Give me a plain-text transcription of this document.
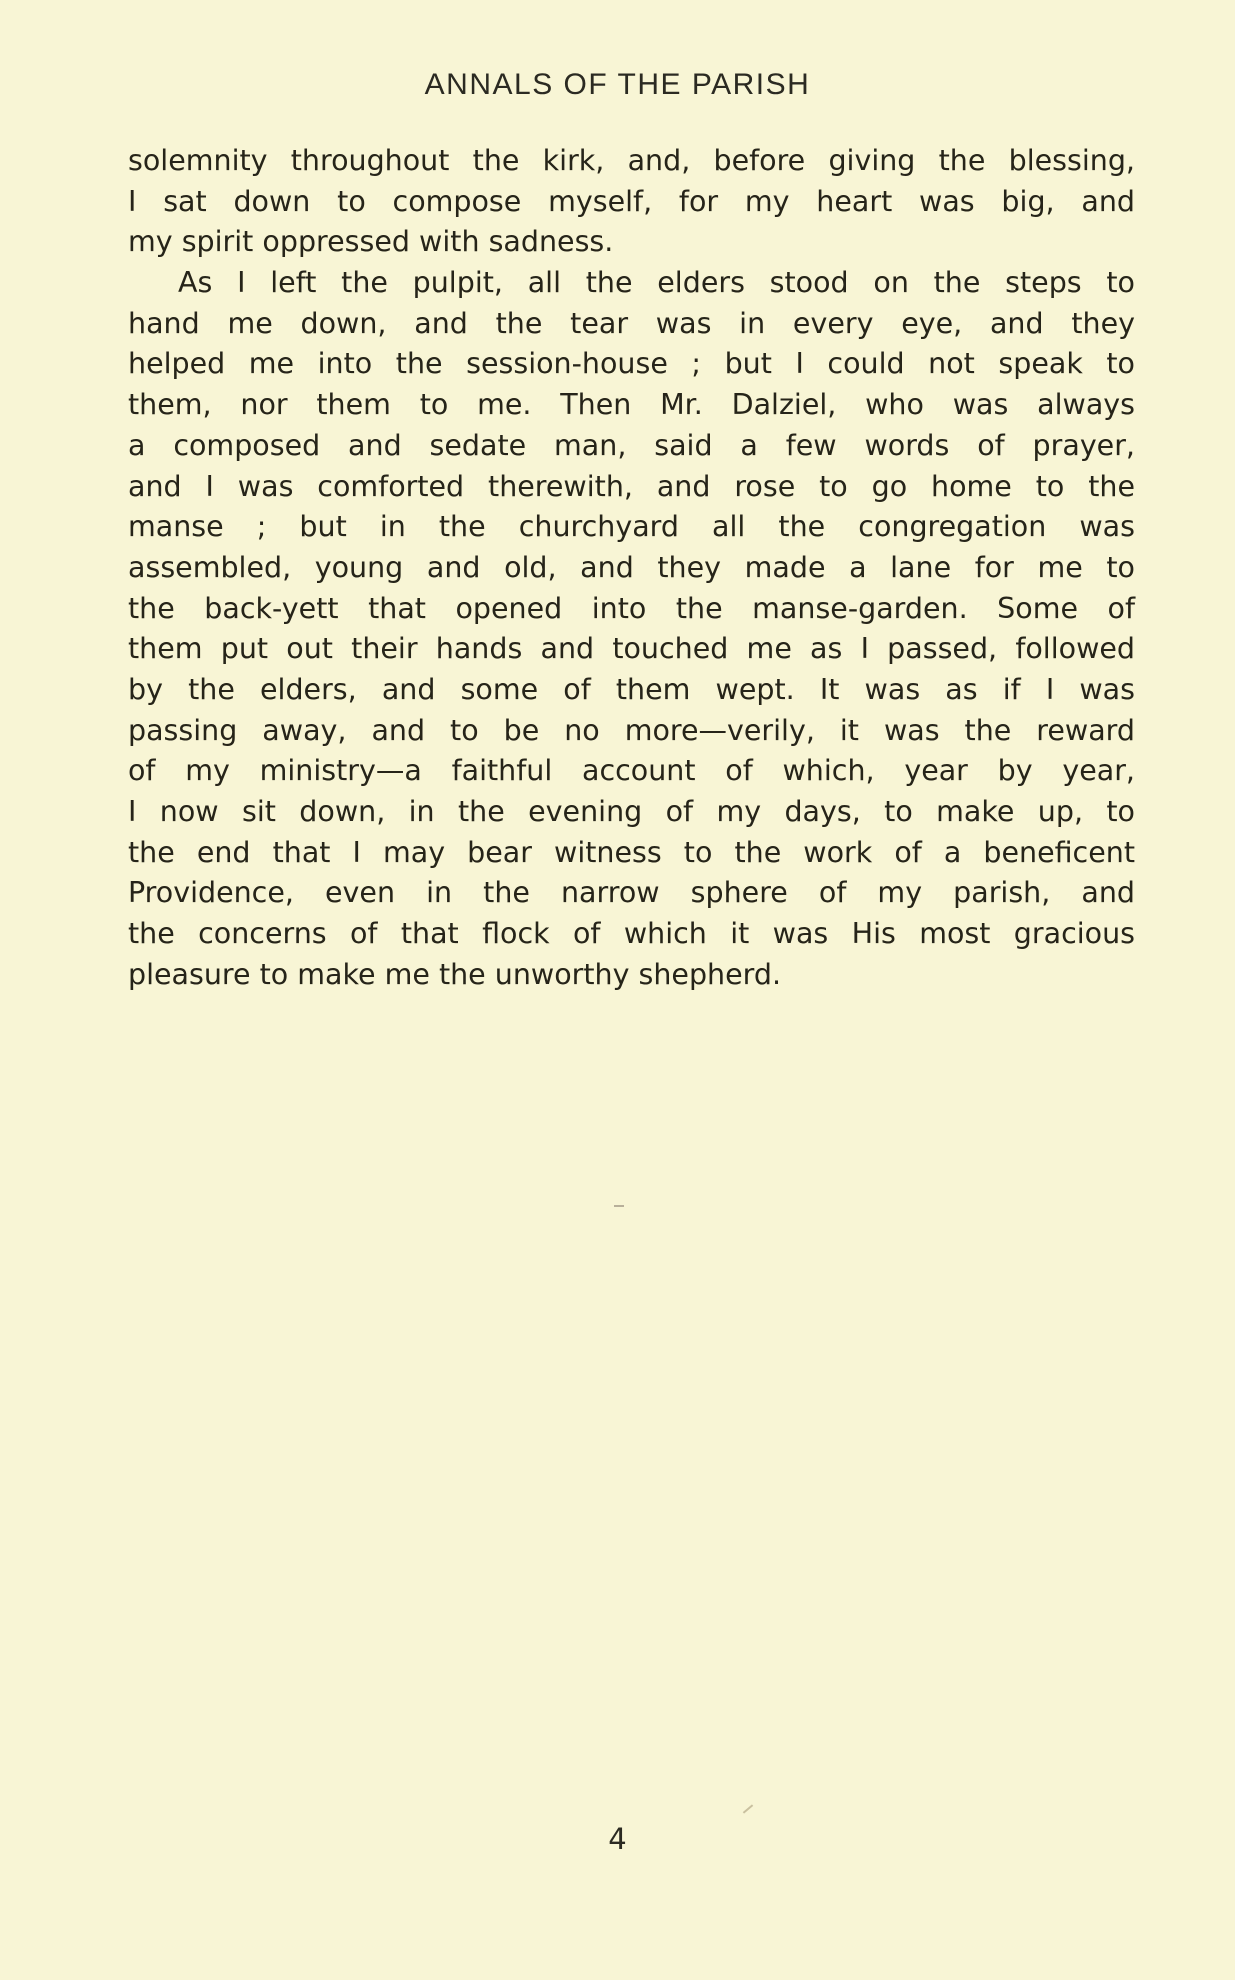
ANNALS OF THE PARISH
solemnity throughout the kirk, and, before giving the blessing,
I sat down to compose myself, for my heart was big, and
my spirit oppressed with sadness.
As I left the pulpit, all the elders stood on the steps to
hand me down, and the tear was in every eye, and they
helped me into the session-house ; but I could not speak to
them, nor them to me. Then Mr. Dalziel, who was always
a composed and sedate man, said a few words of prayer,
and I was comforted therewith, and rose to go home to the
manse ; but in the churchyard all the congregation was
assembled, young and old, and they made a lane for me to
the back-yett that opened into the manse-garden. Some of
them put out their hands and touched me as I passed, followed
by the elders, and some of them wept. It was as if I was
passing away, and to be no more—verily, it was the reward
of my ministry—a faithful account of which, year by year,
I now sit down, in the evening of my days, to make up, to
the end that I may bear witness to the work of a beneficent
Providence, even in the narrow sphere of my parish, and
the concerns of that flock of which it was His most gracious
pleasure to make me the unworthy shepherd.
4
